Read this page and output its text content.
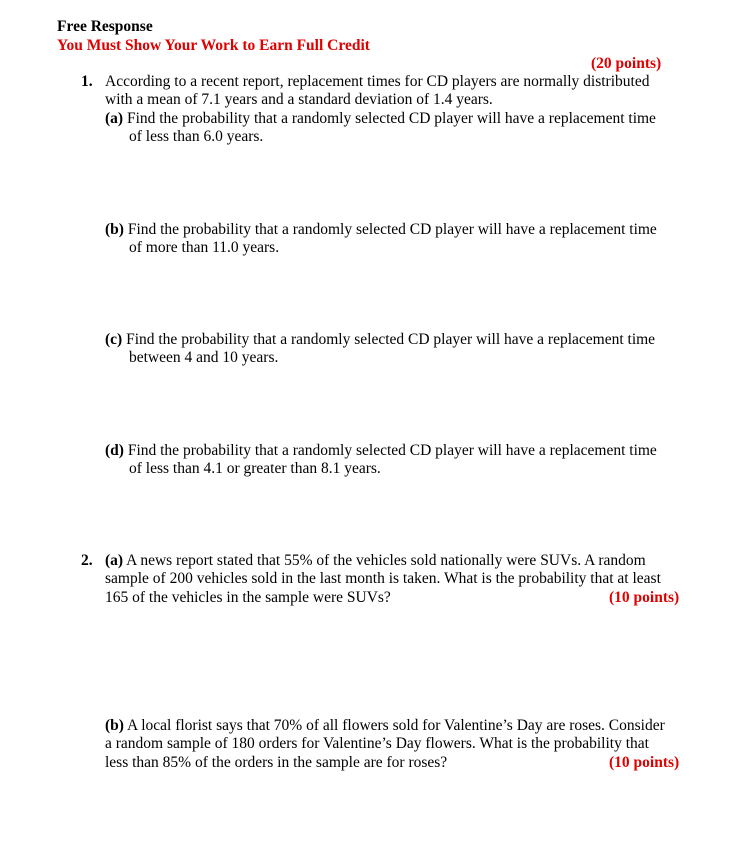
Free Response
You Must Show Your Work to Earn Full Credit
(20 points)
1. According to a recent report, replacement times for CD players are normally distributed
with a mean of 7.1 years and a standard deviation of 1.4 years.
(a) Find the probability that a randomly selected CD player will have a replacement time
of less than 6.0 years.
(b) Find the probability that a randomly selected CD player will have a replacement time
of more than 11.0 years.
(c) Find the probability that a randomly selected CD player will have a replacement time
between 4 and 10 years.
(d) Find the probability that a randomly selected CD player will have a replacement time
of less than 4.1 or greater than 8.1 years.
2. (a) A news report stated that 55% of the vehicles sold nationally were SUVs. A random
sample of 200 vehicles sold in the last month is taken. What is the probability that at least
165 of the vehicles in the sample were SUVs?	(10 points)
(b) A local florist says that 70% of all flowers sold for Valentine’s Day are roses. Consider
a random sample of 180 orders for Valentine’s Day flowers. What is the probability that
less than 85% of the orders in the sample are for roses?	(10 points)
